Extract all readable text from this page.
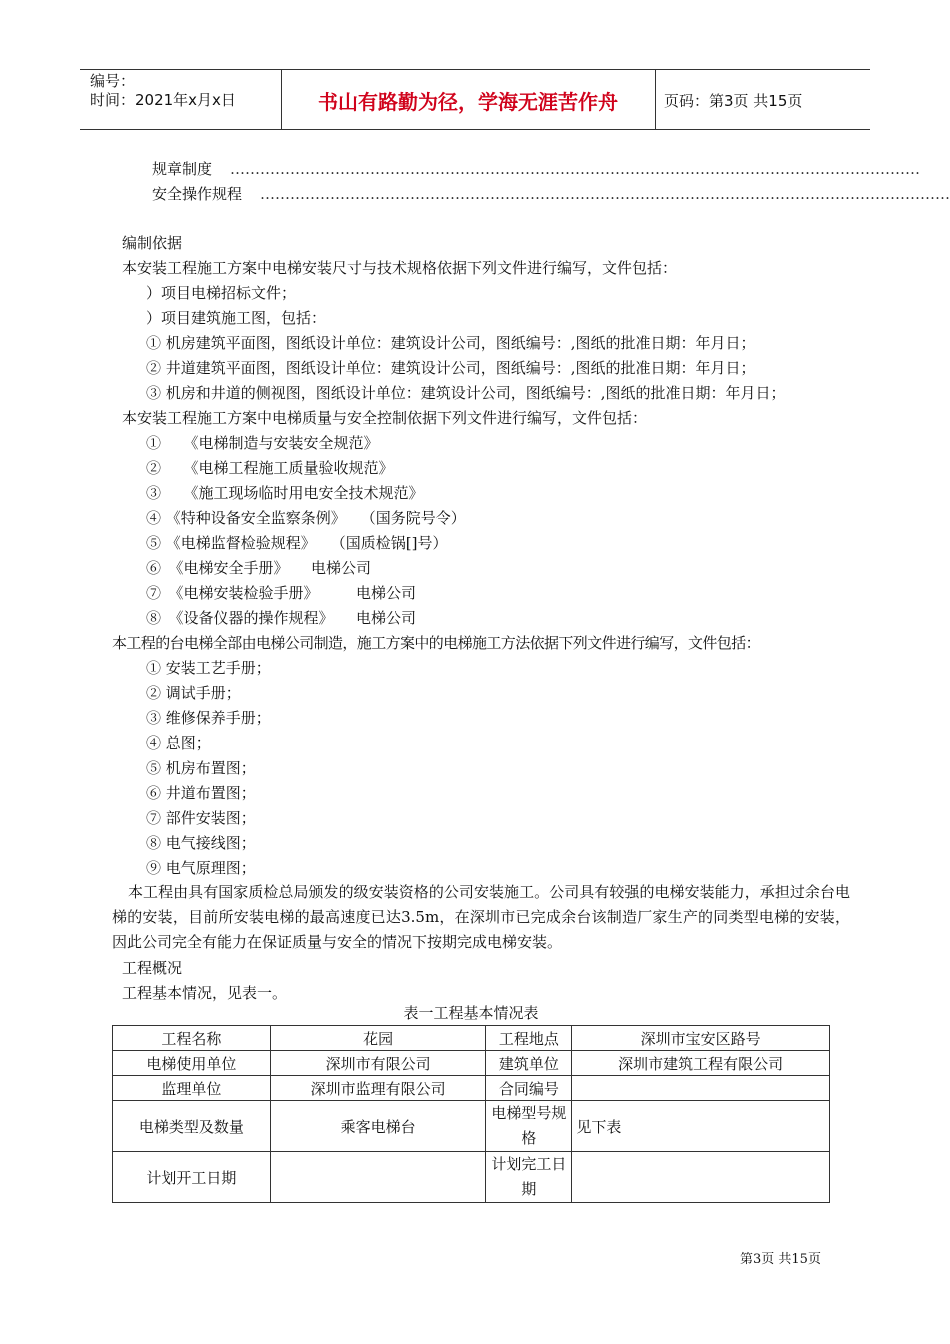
编号：
时间：2021年x月x日	书山有路勤为径，学海无涯苦作舟	页码：第3页 共15页
规章制度 …………………………………………………………………………………………………………………………
安全操作规程 …………………………………………………………………………………………………………………………
编制依据
本安装工程施工方案中电梯安装尺寸与技术规格依据下列文件进行编写，文件包括：
）项目电梯招标文件；
）项目建筑施工图，包括：
① 机房建筑平面图，图纸设计单位：建筑设计公司，图纸编号：,图纸的批准日期：年月日；
② 井道建筑平面图，图纸设计单位：建筑设计公司，图纸编号：,图纸的批准日期：年月日；
③ 机房和井道的侧视图，图纸设计单位：建筑设计公司，图纸编号：,图纸的批准日期：年月日；
本安装工程施工方案中电梯质量与安全控制依据下列文件进行编写，文件包括：
①　　《电梯制造与安装安全规范》
②　　《电梯工程施工质量验收规范》
③　　《施工现场临时用电安全技术规范》
④ 《特种设备安全监察条例》　　（国务院号令）
⑤ 《电梯监督检验规程》　　（国质检锅[]号）
⑥　《电梯安全手册》　　电梯公司
⑦　《电梯安装检验手册》　　　电梯公司
⑧　《设备仪器的操作规程》　　电梯公司
本工程的台电梯全部由电梯公司制造，施工方案中的电梯施工方法依据下列文件进行编写，文件包括：
① 安装工艺手册；
② 调试手册；
③ 维修保养手册；
④ 总图；
⑤ 机房布置图；
⑥ 井道布置图；
⑦ 部件安装图；
⑧ 电气接线图；
⑨ 电气原理图；
本工程由具有国家质检总局颁发的级安装资格的公司安装施工。公司具有较强的电梯安装能力，承担过余台电梯的安装，目前所安装电梯的最高速度已达3.5m，在深圳市已完成余台该制造厂家生产的同类型电梯的安装，因此公司完全有能力在保证质量与安全的情况下按期完成电梯安装。
工程概况
工程基本情况，见表一。
表一工程基本情况表
工程名称	花园	工程地点	深圳市宝安区路号
电梯使用单位	深圳市有限公司	建筑单位	深圳市建筑工程有限公司
监理单位	深圳市监理有限公司	合同编号	
电梯类型及数量	乘客电梯台	电梯型号规格	见下表
计划开工日期		计划完工日期	
第3页 共15页
